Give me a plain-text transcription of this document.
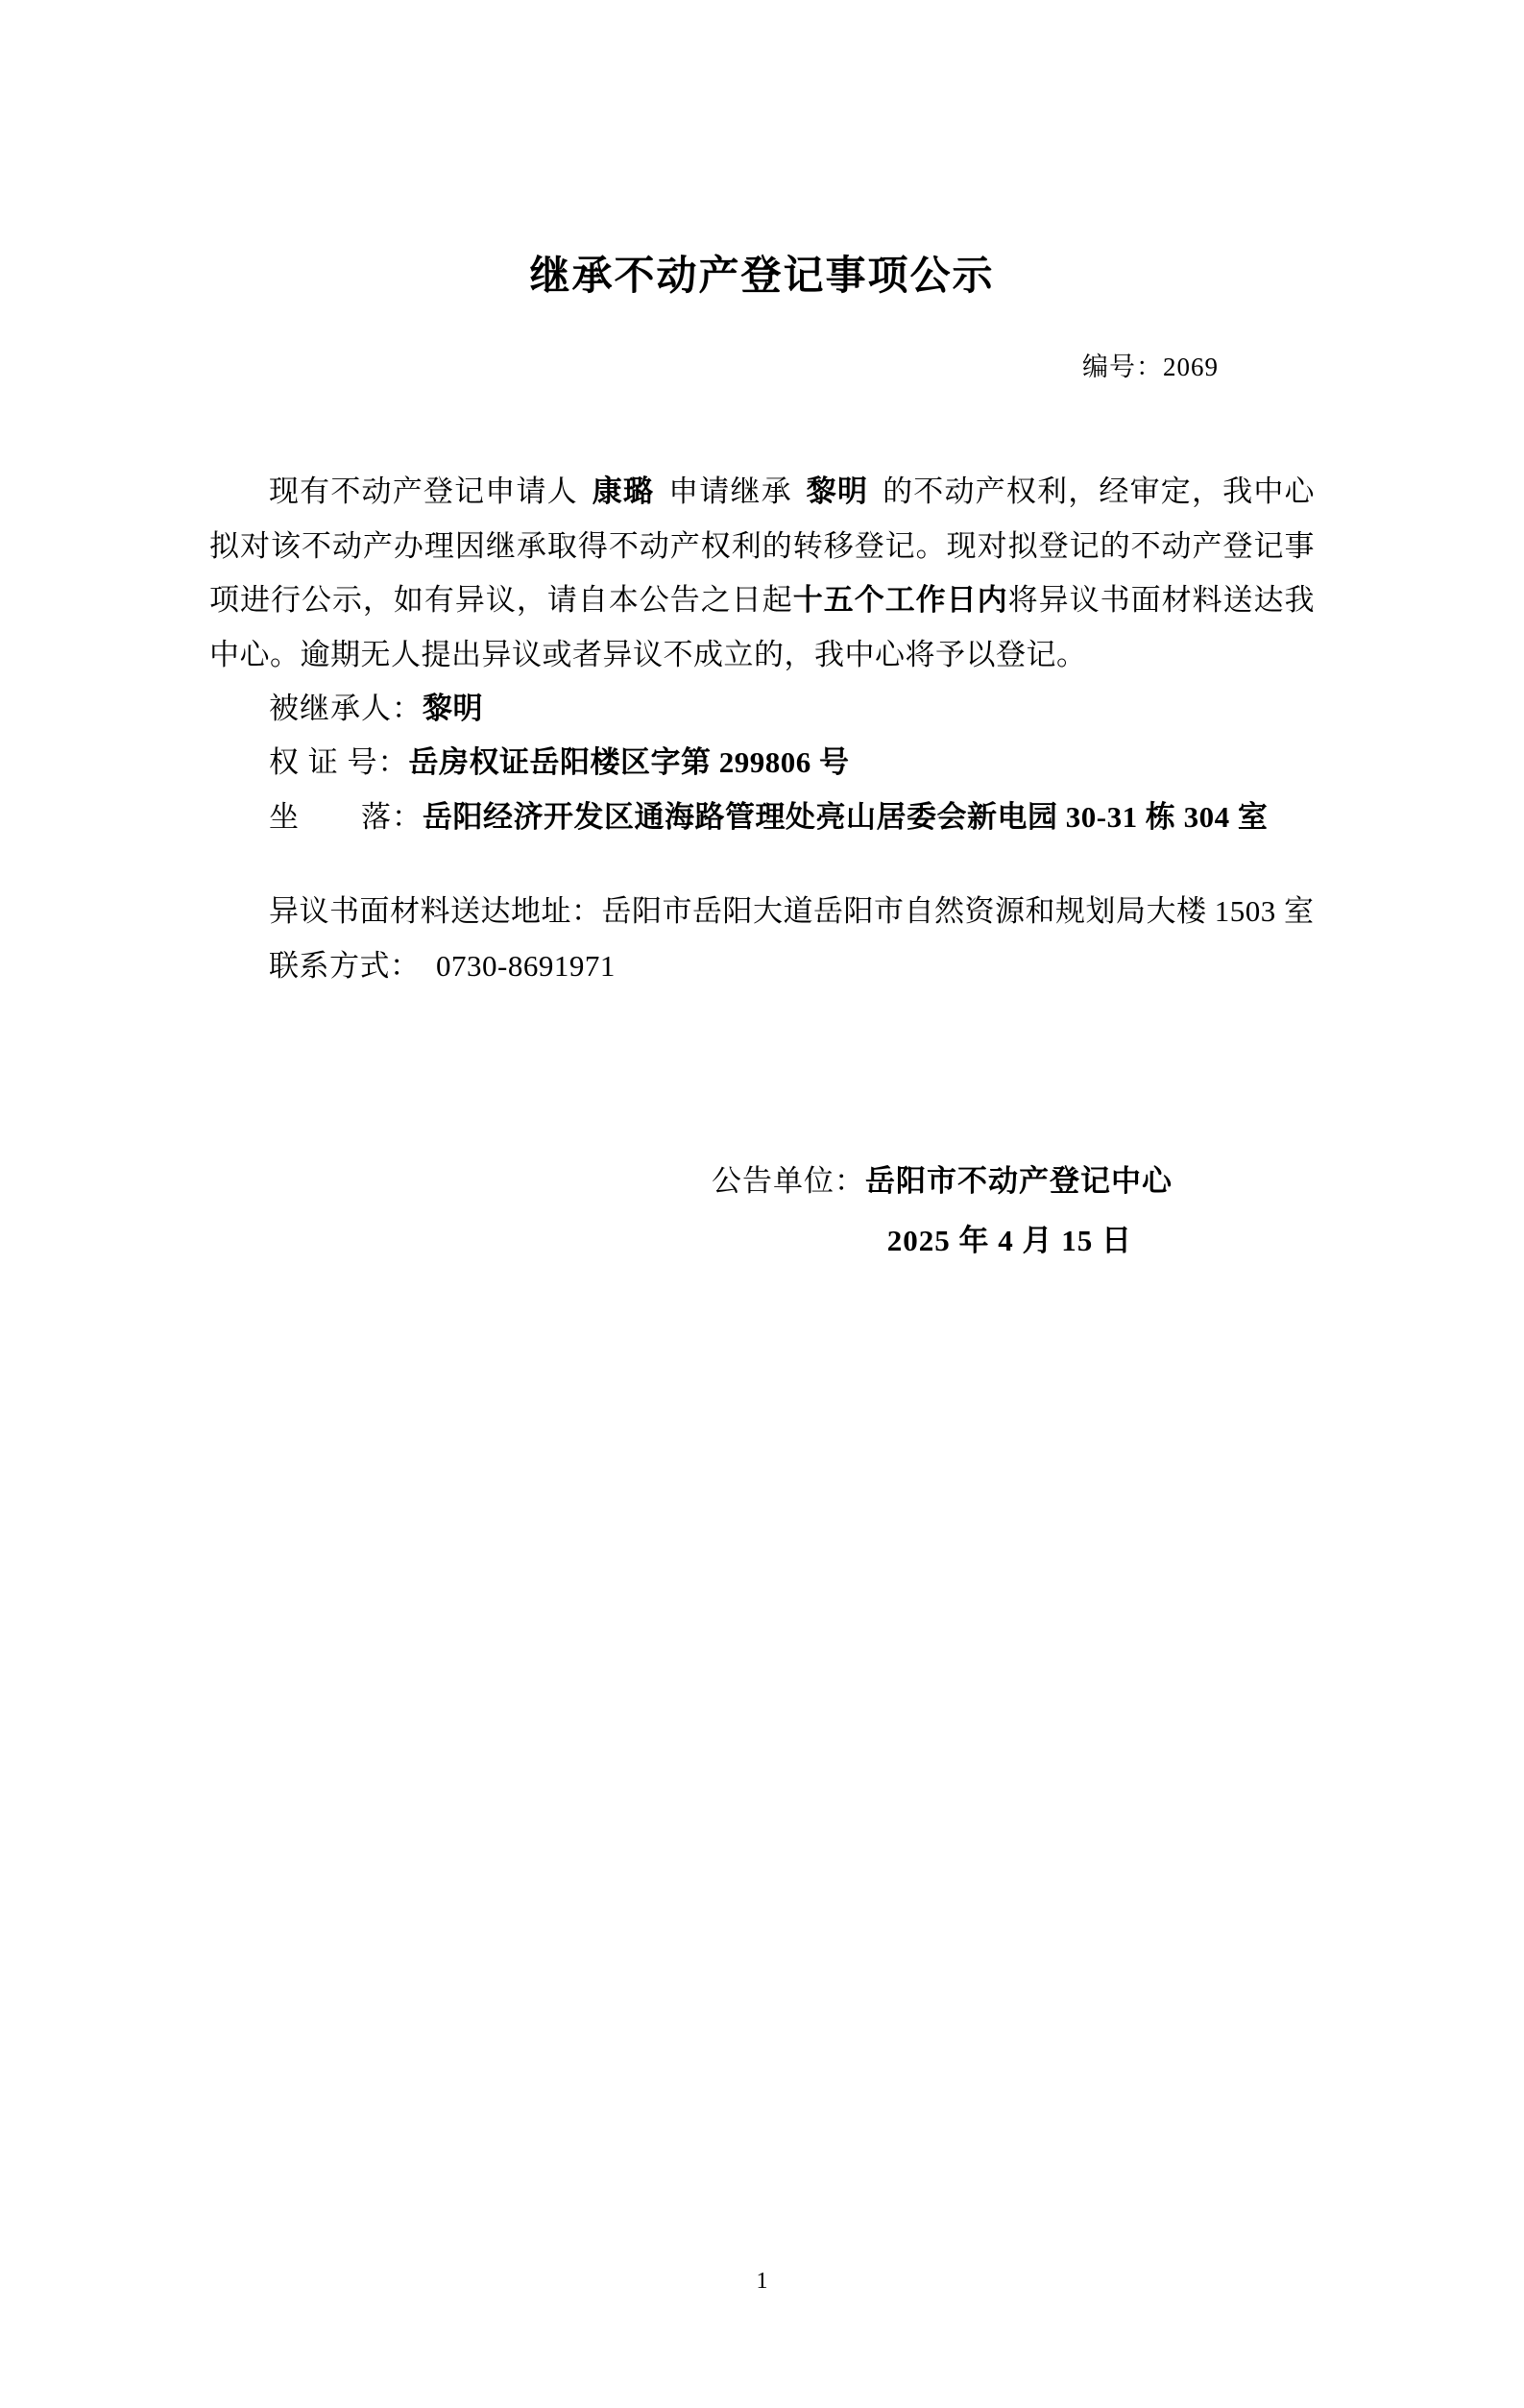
继承不动产登记事项公示
编号：2069

现有不动产登记申请人 康璐 申请继承 黎明 的不动产权利，经审定，我中心拟对该不动产办理因继承取得不动产权利的转移登记。现对拟登记的不动产登记事项进行公示，如有异议，请自本公告之日起十五个工作日内将异议书面材料送达我中心。逾期无人提出异议或者异议不成立的，我中心将予以登记。

被继承人：黎明

权 证 号：岳房权证岳阳楼区字第 299806 号

坐　　落：岳阳经济开发区通海路管理处亮山居委会新电园 30-31 栋 304 室

异议书面材料送达地址：岳阳市岳阳大道岳阳市自然资源和规划局大楼 1503 室

联系方式： 0730-8691971

公告单位：岳阳市不动产登记中心
2025 年 4 月 15 日
1
